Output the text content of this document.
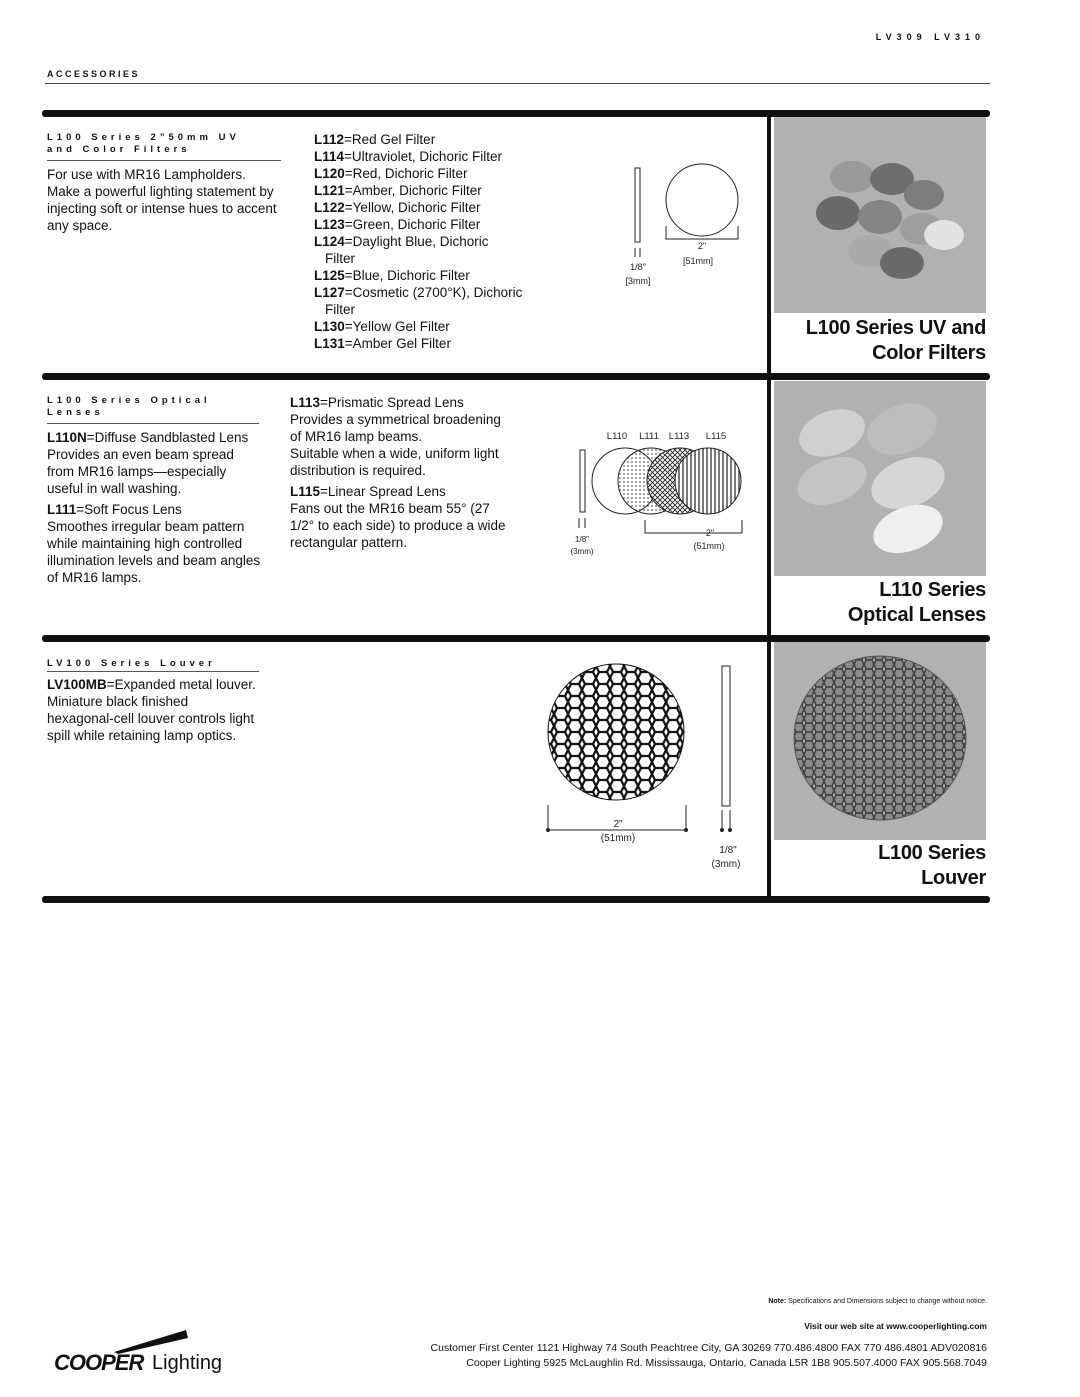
LV309 LV310
ACCESSORIES
L100 Series 2”50mm UV
and Color Filters
For use with MR16 Lampholders. Make a powerful lighting statement by injecting soft or intense hues to accent any space.
L112=Red Gel Filter
L114=Ultraviolet, Dichoric Filter
L120=Red, Dichoric Filter
L121=Amber, Dichoric Filter
L122=Yellow, Dichoric Filter
L123=Green, Dichoric Filter
L124=Daylight Blue, Dichoric
Filter
L125=Blue, Dichoric Filter
L127=Cosmetic (2700°K), Dichoric
Filter
L130=Yellow Gel Filter
L131=Amber Gel Filter
2"
[51mm]
1/8"
[3mm]
L100 Series UV and
Color Filters
L100 Series Optical
Lenses

L110N=Diffuse Sandblasted Lens

Provides an even beam spread from MR16 lamps—especially useful in wall washing.

L111=Soft Focus Lens

Smoothes irregular beam pattern while maintaining high controlled illumination levels and beam angles of MR16 lamps.

L113=Prismatic Spread Lens

Provides a symmetrical broadening of MR16 lamp beams.

Suitable when a wide, uniform light distribution is required.

L115=Linear Spread Lens

Fans out the MR16 beam 55° (27 1/2° to each side) to produce a wide rectangular pattern.

L110	L111	L113	L115
2"
(51mm)
1/8"
(3mm)
L110 Series
Optical Lenses
LV100 Series Louver

LV100MB=Expanded metal louver.

Miniature black finished hexagonal-cell louver controls light spill while retaining lamp optics.

2"
(51mm)
1/8"
(3mm)
L100 Series
Louver
Note: Specifications and Dimensions subject to change without notice.
Visit our web site at www.cooperlighting.com
Customer First Center 1121 Highway 74 South Peachtree City, GA 30269 770.486.4800 FAX 770 486.4801 ADV020816
Cooper Lighting 5925 McLaughlin Rd. Mississauga, Ontario, Canada L5R 1B8 905.507.4000 FAX 905.568.7049
COOPER Lighting
